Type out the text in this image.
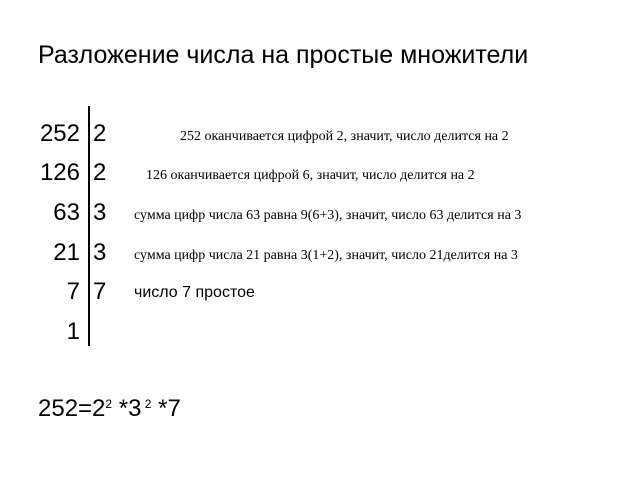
Разложение числа на простые множители
252 2	252 оканчивается цифрой 2, значит, число делится на 2
126 2	126 оканчивается цифрой 6, значит, число делится на 2
63 3 сумма цифр числа 63 равна 9(6+3), значит, число 63 делится на 3
21 3 сумма цифр числа 21 равна 3(1+2), значит, число 21делится на 3
7 7 число 7 простое
1
$252=2^2$ *3 $^2$ *7
